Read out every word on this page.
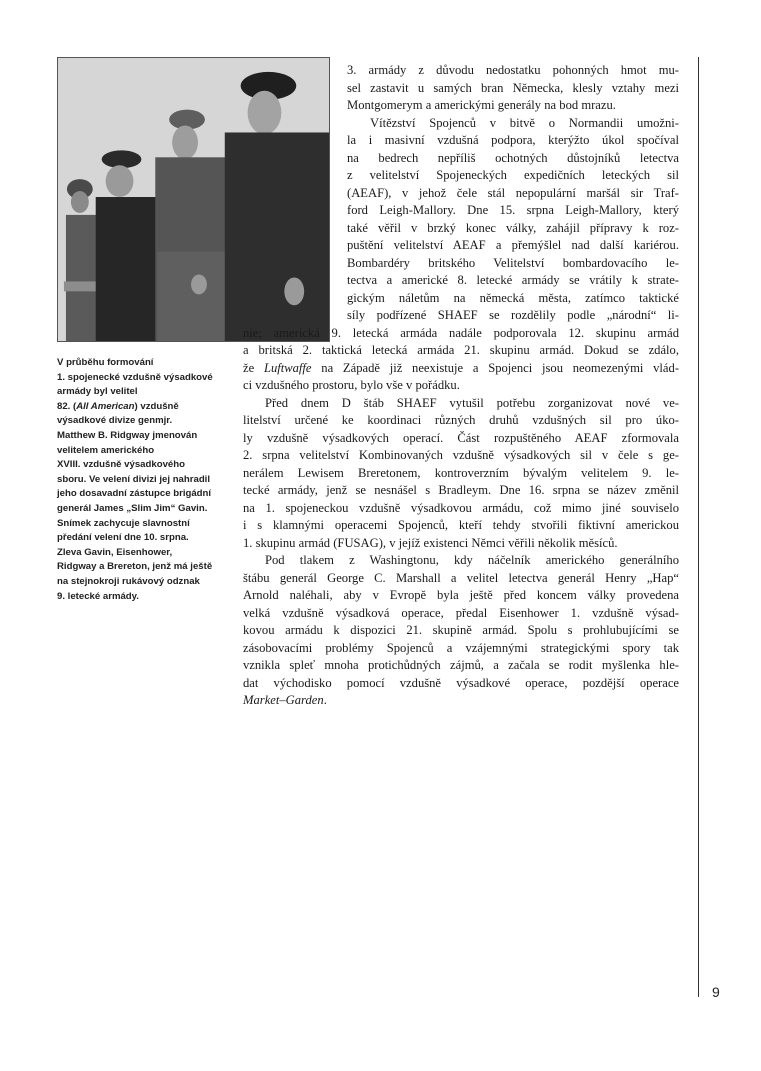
V průběhu formování
1. spojenecké vzdušně výsadkové
armády byl velitel
82. (All American) vzdušně
výsadkové divize genmjr.
Matthew B. Ridgway jmenován
velitelem amerického
XVIII. vzdušně výsadkového
sboru. Ve velení divizi jej nahradil
jeho dosavadní zástupce brigádní
generál James „Slim Jim“ Gavin.
Snímek zachycuje slavnostní
předání velení dne 10. srpna.
Zleva Gavin, Eisenhower,
Ridgway a Brereton, jenž má ještě
na stejnokroji rukávový odznak
9. letecké armády.
3. armády z důvodu nedostatku pohonných hmot mu-
sel zastavit u samých bran Německa, klesly vztahy mezi
Montgomerym a americkými generály na bod mrazu.
Vítězství Spojenců v bitvě o Normandii umožni-
la i masivní vzdušná podpora, kterýžto úkol spočíval
na bedrech nepříliš ochotných důstojníků letectva
z velitelství Spojeneckých expedičních leteckých sil
(AEAF), v jehož čele stál nepopulární maršál sir Traf-
ford Leigh-Mallory. Dne 15. srpna Leigh-Mallory, který
také věřil v brzký konec války, zahájil přípravy k roz-
puštění velitelství AEAF a přemýšlel nad další kariérou.
Bombardéry britského Velitelství bombardovacího le-
tectva a americké 8. letecké armády se vrátily k strate-
gickým náletům na německá města, zatímco taktické
síly podřízené SHAEF se rozdělily podle „národní“ li-
nie; americká 9. letecká armáda nadále podporovala 12. skupinu armád
a britská 2. taktická letecká armáda 21. skupinu armád. Dokud se zdálo,
že Luftwaffe na Západě již neexistuje a Spojenci jsou neomezenými vlád-
ci vzdušného prostoru, bylo vše v pořádku.
Před dnem D štáb SHAEF vytušil potřebu zorganizovat nové ve-
litelství určené ke koordinaci různých druhů vzdušných sil pro úko-
ly vzdušně výsadkových operací. Část rozpuštěného AEAF zformovala
2. srpna velitelství Kombinovaných vzdušně výsadkových sil v čele s ge-
nerálem Lewisem Breretonem, kontroverzním bývalým velitelem 9. le-
tecké armády, jenž se nesnášel s Bradleym. Dne 16. srpna se název změnil
na 1. spojeneckou vzdušně výsadkovou armádu, což mimo jiné souviselo
i s klamnými operacemi Spojenců, kteří tehdy stvořili fiktivní americkou
1. skupinu armád (FUSAG), v jejíž existenci Němci věřili několik měsíců.
Pod tlakem z Washingtonu, kdy náčelník amerického generálního
štábu generál George C. Marshall a velitel letectva generál Henry „Hap“
Arnold naléhali, aby v Evropě byla ještě před koncem války provedena
velká vzdušně výsadková operace, předal Eisenhower 1. vzdušně výsad-
kovou armádu k dispozici 21. skupině armád. Spolu s prohlubujícími se
zásobovacími problémy Spojenců a vzájemnými strategickými spory tak
vznikla spleť mnoha protichůdných zájmů, a začala se rodit myšlenka hle-
dat východisko pomocí vzdušně výsadkové operace, pozdější operace
Market–Garden.
9
